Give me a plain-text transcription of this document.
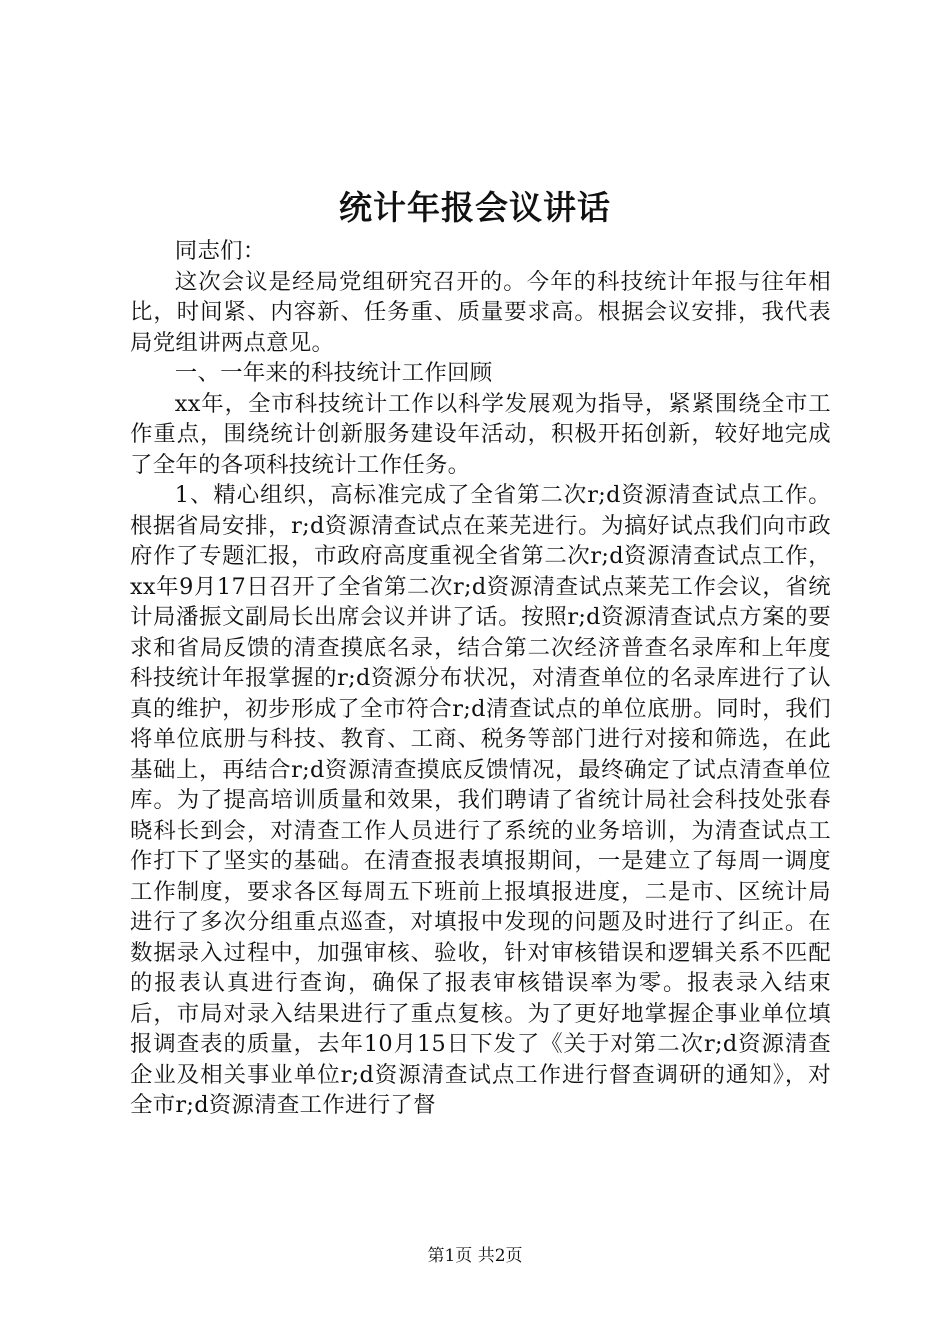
统计年报会议讲话

同志们：

这次会议是经局党组研究召开的。今年的科技统计年报与往年相比，时间紧、内容新、任务重、质量要求高。根据会议安排，我代表局党组讲两点意见。

一、一年来的科技统计工作回顾

xx年，全市科技统计工作以科学发展观为指导，紧紧围绕全市工作重点，围绕统计创新服务建设年活动，积极开拓创新，较好地完成了全年的各项科技统计工作任务。

1、精心组织，高标准完成了全省第二次r;d资源清查试点工作。根据省局安排，r;d资源清查试点在莱芜进行。为搞好试点我们向市政府作了专题汇报，市政府高度重视全省第二次r;d资源清查试点工作，xx年9月17日召开了全省第二次r;d资源清查试点莱芜工作会议，省统计局潘振文副局长出席会议并讲了话。按照r;d资源清查试点方案的要求和省局反馈的清查摸底名录，结合第二次经济普查名录库和上年度科技统计年报掌握的r;d资源分布状况，对清查单位的名录库进行了认真的维护，初步形成了全市符合r;d清查试点的单位底册。同时，我们将单位底册与科技、教育、工商、税务等部门进行对接和筛选，在此基础上，再结合r;d资源清查摸底反馈情况，最终确定了试点清查单位库。为了提高培训质量和效果，我们聘请了省统计局社会科技处张春晓科长到会，对清查工作人员进行了系统的业务培训，为清查试点工作打下了坚实的基础。在清查报表填报期间，一是建立了每周一调度工作制度，要求各区每周五下班前上报填报进度，二是市、区统计局进行了多次分组重点巡查，对填报中发现的问题及时进行了纠正。在数据录入过程中，加强审核、验收，针对审核错误和逻辑关系不匹配的报表认真进行查询，确保了报表审核错误率为零。报表录入结束后，市局对录入结果进行了重点复核。为了更好地掌握企事业单位填报调查表的质量，去年10月15日下发了《关于对第二次r;d资源清查企业及相关事业单位r;d资源清查试点工作进行督查调研的通知》，对全市r;d资源清查工作进行了督

第1页 共2页
